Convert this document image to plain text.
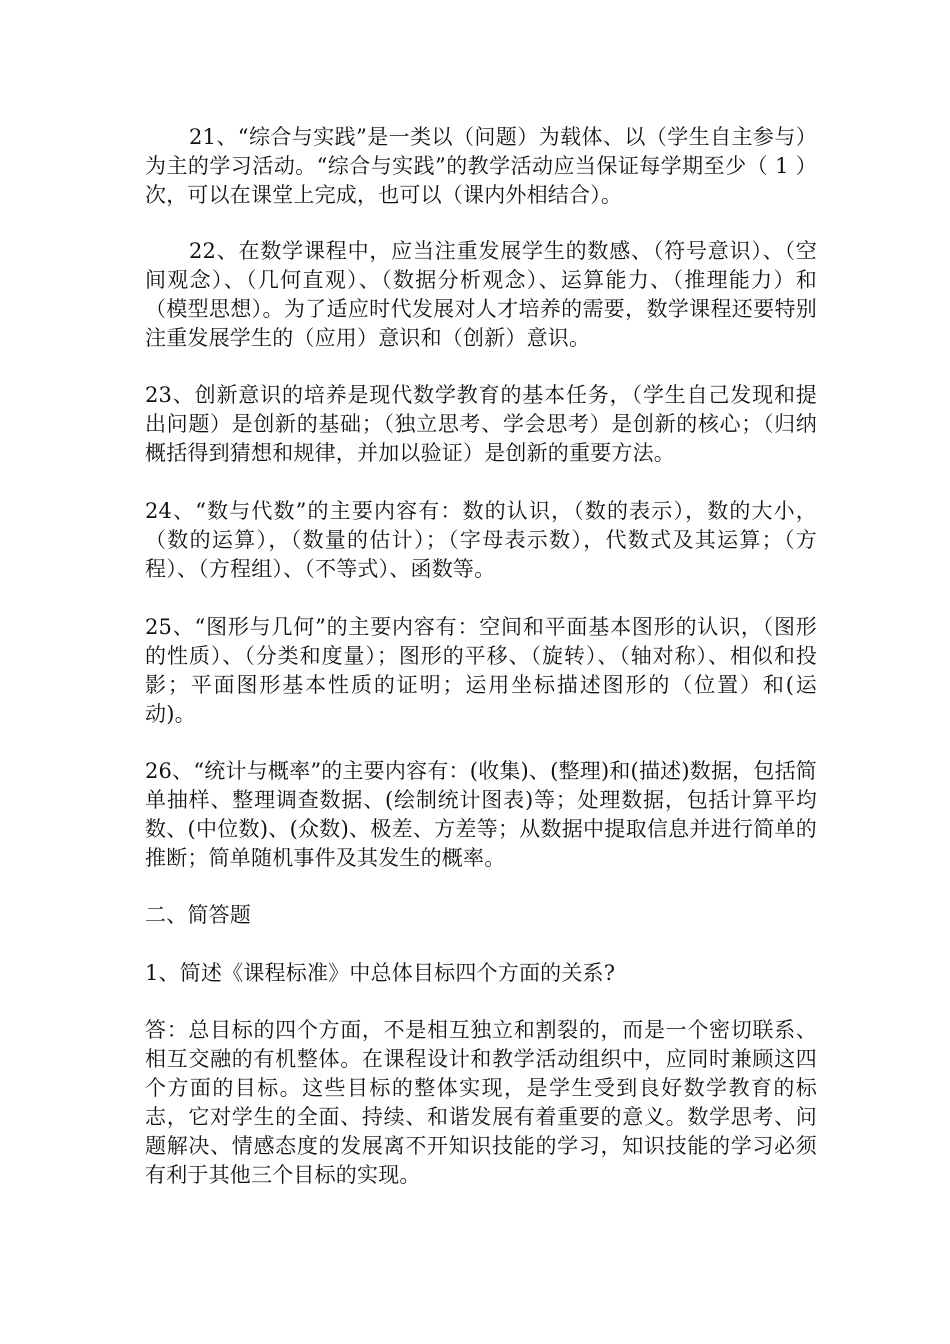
21、“综合与实践”是一类以（问题）为载体、以（学生自主参与）为主的学习活动。“综合与实践”的教学活动应当保证每学期至少（ 1 ）次，可以在课堂上完成，也可以（课内外相结合）。

22、在数学课程中，应当注重发展学生的数感、（符号意识）、（空间观念）、（几何直观）、（数据分析观念）、运算能力、（推理能力）和（模型思想）。为了适应时代发展对人才培养的需要，数学课程还要特别注重发展学生的（应用）意识和（创新）意识。

23、创新意识的培养是现代数学教育的基本任务，（学生自己发现和提出问题）是创新的基础；（独立思考、学会思考）是创新的核心；（归纳概括得到猜想和规律，并加以验证）是创新的重要方法。

24、“数与代数”的主要内容有：数的认识，（数的表示），数的大小，（数的运算），（数量的估计）；（字母表示数），代数式及其运算；（方程）、（方程组）、（不等式）、函数等。

25、“图形与几何”的主要内容有：空间和平面基本图形的认识，（图形的性质）、（分类和度量）；图形的平移、（旋转）、（轴对称）、相似和投影；平面图形基本性质的证明；运用坐标描述图形的（位置）和(运动)。

26、“统计与概率”的主要内容有：(收集)、(整理)和(描述)数据，包括简单抽样、整理调查数据、(绘制统计图表)等；处理数据，包括计算平均数、(中位数)、(众数)、极差、方差等；从数据中提取信息并进行简单的推断；简单随机事件及其发生的概率。

二、简答题

1、简述《课程标准》中总体目标四个方面的关系?

答：总目标的四个方面，不是相互独立和割裂的，而是一个密切联系、相互交融的有机整体。在课程设计和教学活动组织中，应同时兼顾这四个方面的目标。这些目标的整体实现，是学生受到良好数学教育的标志，它对学生的全面、持续、和谐发展有着重要的意义。数学思考、问题解决、情感态度的发展离不开知识技能的学习，知识技能的学习必须有利于其他三个目标的实现。
